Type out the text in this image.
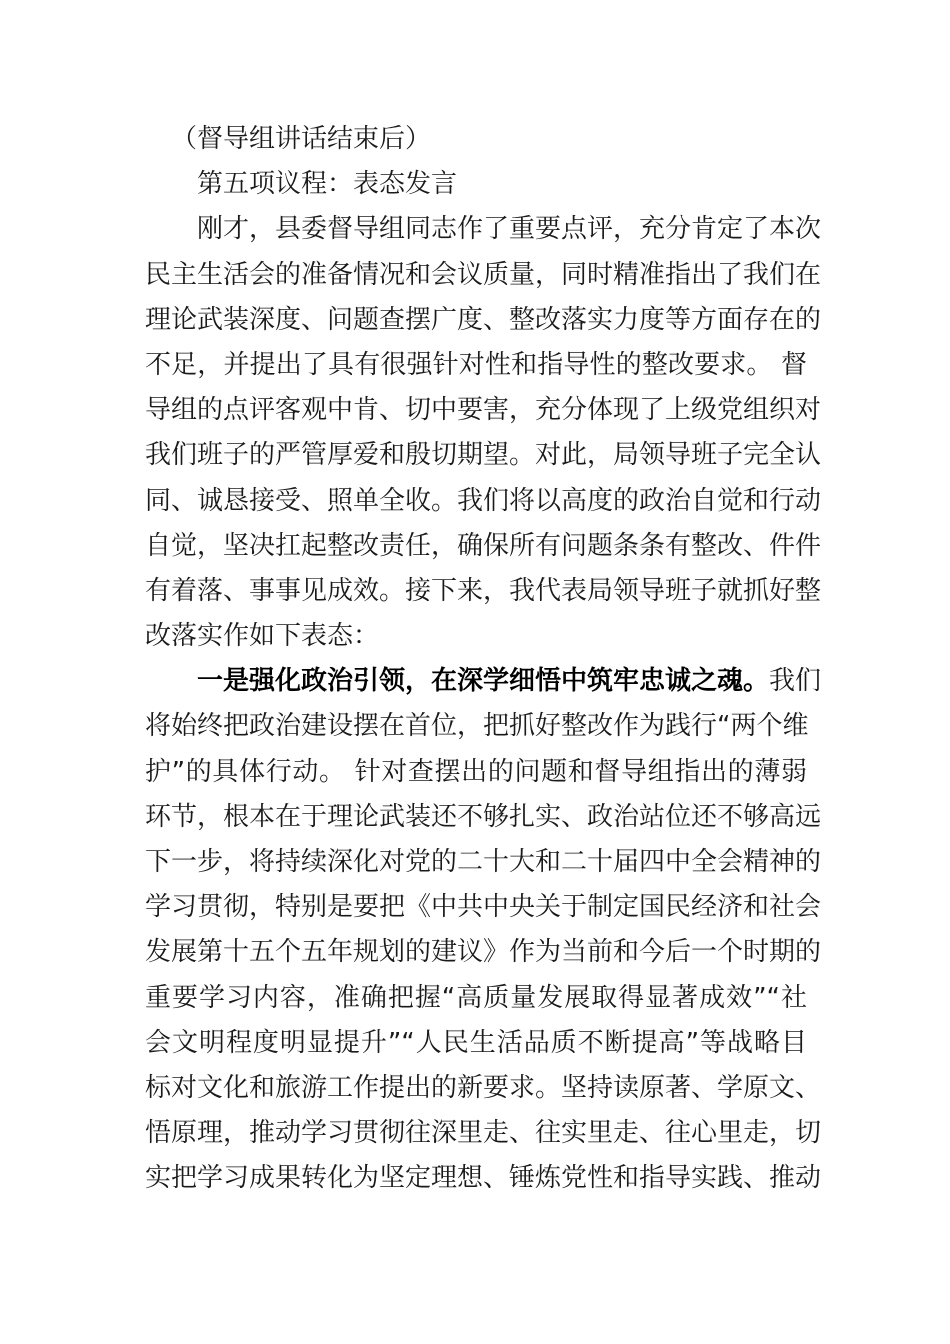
（督导组讲话结束后）
第五项议程：表态发言
刚才，县委督导组同志作了重要点评，充分肯定了本次
民主生活会的准备情况和会议质量，同时精准指出了我们在
理论武装深度、问题查摆广度、整改落实力度等方面存在的
不足，并提出了具有很强针对性和指导性的整改要求。 督
导组的点评客观中肯、切中要害，充分体现了上级党组织对
我们班子的严管厚爱和殷切期望。对此，局领导班子完全认
同、诚恳接受、照单全收。我们将以高度的政治自觉和行动
自觉，坚决扛起整改责任，确保所有问题条条有整改、件件
有着落、事事见成效。接下来，我代表局领导班子就抓好整
改落实作如下表态：
一是强化政治引领，在深学细悟中筑牢忠诚之魂。我们
将始终把政治建设摆在首位，把抓好整改作为践行“两个维
护”的具体行动。 针对查摆出的问题和督导组指出的薄弱
环节，根本在于理论武装还不够扎实、政治站位还不够高远
下一步，将持续深化对党的二十大和二十届四中全会精神的
学习贯彻，特别是要把《中共中央关于制定国民经济和社会
发展第十五个五年规划的建议》作为当前和今后一个时期的
重要学习内容，准确把握“高质量发展取得显著成效”“社
会文明程度明显提升”“人民生活品质不断提高”等战略目
标对文化和旅游工作提出的新要求。坚持读原著、学原文、
悟原理，推动学习贯彻往深里走、往实里走、往心里走，切
实把学习成果转化为坚定理想、锤炼党性和指导实践、推动
